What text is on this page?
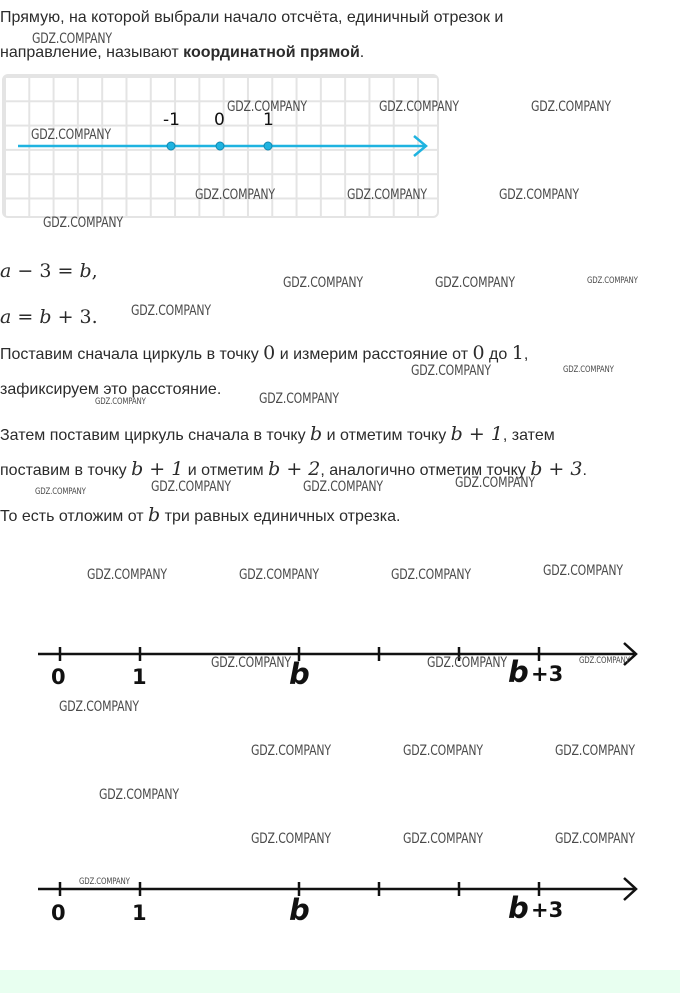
Прямую, на которой выбрали начало отсчёта, единичный отрезок и
направление, называют координатной прямой.
-1 0 1
a − 3 = b,
a = b + 3.
Поставим сначала циркуль в точку 0 и измерим расстояние от 0 до 1,
зафиксируем это расстояние.
Затем поставим циркуль сначала в точку b и отметим точку b + 1, затем
поставим в точку b + 1 и отметим b + 2, аналогично отметим точку b + 3.
То есть отложим от b три равных единичных отрезка.
0	1	b	b +3
0	1	b	b +3
GDZ.COMPANY
GDZ.COMPANY	GDZ.COMPANY	GDZ.COMPANY
GDZ.COMPANY
GDZ.COMPANY	GDZ.COMPANY	GDZ.COMPANY
GDZ.COMPANY
GDZ.COMPANY	GDZ.COMPANY	GDZ.COMPANY
GDZ.COMPANY
GDZ.COMPANY	GDZ.COMPANY
GDZ.COMPANY	GDZ.COMPANY
GDZ.COMPANY	GDZ.COMPANY	GDZ.COMPANY	GDZ.COMPANY
GDZ.COMPANY	GDZ.COMPANY	GDZ.COMPANY	GDZ.COMPANY
GDZ.COMPANY	GDZ.COMPANY	GDZ.COMPANY
GDZ.COMPANY
GDZ.COMPANY	GDZ.COMPANY	GDZ.COMPANY
GDZ.COMPANY
GDZ.COMPANY	GDZ.COMPANY	GDZ.COMPANY
GDZ.COMPANY
